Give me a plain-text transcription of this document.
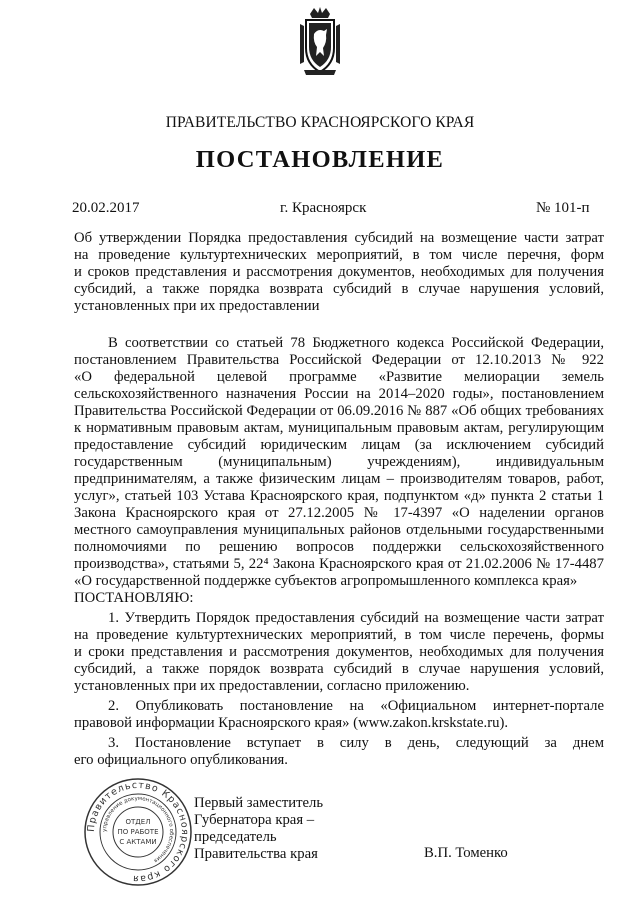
ПРАВИТЕЛЬСТВО КРАСНОЯРСКОГО КРАЯ
ПОСТАНОВЛЕНИЕ
20.02.2017	г. Красноярск	№ 101-п
Об утверждении Порядка предоставления субсидий на возмещение части затрат
на проведение культуртехнических мероприятий, в том числе перечня, форм
и сроков представления и рассмотрения документов, необходимых для получения
субсидий, а также порядка возврата субсидий в случае нарушения условий,
установленных при их предоставлении
В соответствии со статьей 78 Бюджетного кодекса Российской Федерации,
постановлением Правительства Российской Федерации от 12.10.2013 № 922
«О федеральной целевой программе «Развитие мелиорации земель
сельскохозяйственного назначения России на 2014–2020 годы», постановлением
Правительства Российской Федерации от 06.09.2016 № 887 «Об общих требованиях
к нормативным правовым актам, муниципальным правовым актам, регулирующим
предоставление субсидий юридическим лицам (за исключением субсидий
государственным (муниципальным) учреждениям), индивидуальным
предпринимателям, а также физическим лицам – производителям товаров, работ,
услуг», статьей 103 Устава Красноярского края, подпунктом «д» пункта 2 статьи 1
Закона Красноярского края от 27.12.2005 № 17-4397 «О наделении органов
местного самоуправления муниципальных районов отдельными государственными
полномочиями по решению вопросов поддержки сельскохозяйственного
производства», статьями 5, 22⁴ Закона Красноярского края от 21.02.2006 № 17-4487
«О государственной поддержке субъектов агропромышленного комплекса края»
ПОСТАНОВЛЯЮ:
1. Утвердить Порядок предоставления субсидий на возмещение части затрат
на проведение культуртехнических мероприятий, в том числе перечень, формы
и сроки представления и рассмотрения документов, необходимых для получения
субсидий, а также порядок возврата субсидий в случае нарушения условий,
установленных при их предоставлении, согласно приложению.
2. Опубликовать постановление на «Официальном интернет-портале
правовой информации Красноярского края» (www.zakon.krskstate.ru).
3. Постановление вступает в силу в день, следующий за днем
его официального опубликования.
Правительство Красноярского края
управление документационного обеспечения
ОТДЕЛ
ПО РАБОТЕ
С АКТАМИ
Первый заместитель
Губернатора края –
председатель
Правительства края	В.П. Томенко
